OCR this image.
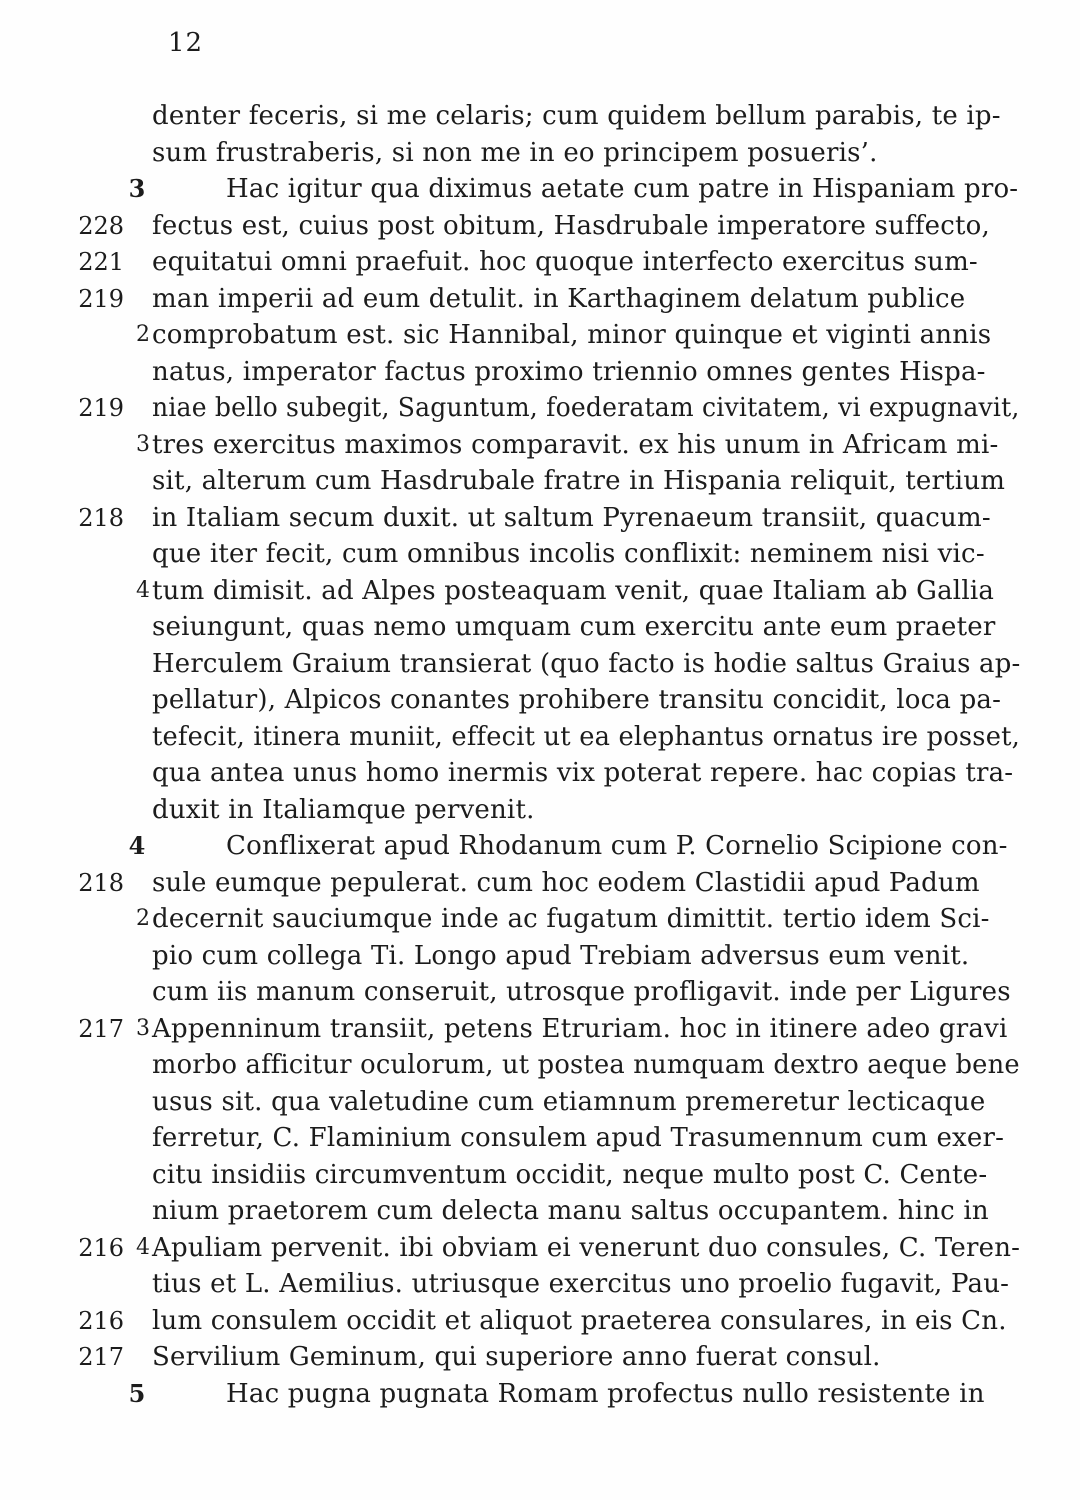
12
denter feceris, si me celaris; cum quidem bellum parabis, te ip-
sum frustraberis, si non me in eo principem posueris’.
3	Hac igitur qua diximus aetate cum patre in Hispaniam pro-
228 fectus est, cuius post obitum, Hasdrubale imperatore suffecto,
221 equitatui omni praefuit. hoc quoque interfecto exercitus sum-
219 man imperii ad eum detulit. in Karthaginem delatum publice
2 comprobatum est. sic Hannibal, minor quinque et viginti annis
natus, imperator factus proximo triennio omnes gentes Hispa-
219 niae bello subegit, Saguntum, foederatam civitatem, vi expugnavit,
3 tres exercitus maximos comparavit. ex his unum in Africam mi-
sit, alterum cum Hasdrubale fratre in Hispania reliquit, tertium
218 in Italiam secum duxit. ut saltum Pyrenaeum transiit, quacum-
que iter fecit, cum omnibus incolis conflixit: neminem nisi vic-
4 tum dimisit. ad Alpes posteaquam venit, quae Italiam ab Gallia
seiungunt, quas nemo umquam cum exercitu ante eum praeter
Herculem Graium transierat (quo facto is hodie saltus Graius ap-
pellatur), Alpicos conantes prohibere transitu concidit, loca pa-
tefecit, itinera muniit, effecit ut ea elephantus ornatus ire posset,
qua antea unus homo inermis vix poterat repere. hac copias tra-
duxit in Italiamque pervenit.
4	Conflixerat apud Rhodanum cum P. Cornelio Scipione con-
218 sule eumque pepulerat. cum hoc eodem Clastidii apud Padum
2 decernit sauciumque inde ac fugatum dimittit. tertio idem Sci-
pio cum collega Ti. Longo apud Trebiam adversus eum venit.
cum iis manum conseruit, utrosque profligavit. inde per Ligures
217 3 Appenninum transiit, petens Etruriam. hoc in itinere adeo gravi
morbo afficitur oculorum, ut postea numquam dextro aeque bene
usus sit. qua valetudine cum etiamnum premeretur lecticaque
ferretur, C. Flaminium consulem apud Trasumennum cum exer-
citu insidiis circumventum occidit, neque multo post C. Cente-
nium praetorem cum delecta manu saltus occupantem. hinc in
216 4 Apuliam pervenit. ibi obviam ei venerunt duo consules, C. Teren-
tius et L. Aemilius. utriusque exercitus uno proelio fugavit, Pau-
216 lum consulem occidit et aliquot praeterea consulares, in eis Cn.
217 Servilium Geminum, qui superiore anno fuerat consul.
5	Hac pugna pugnata Romam profectus nullo resistente in
